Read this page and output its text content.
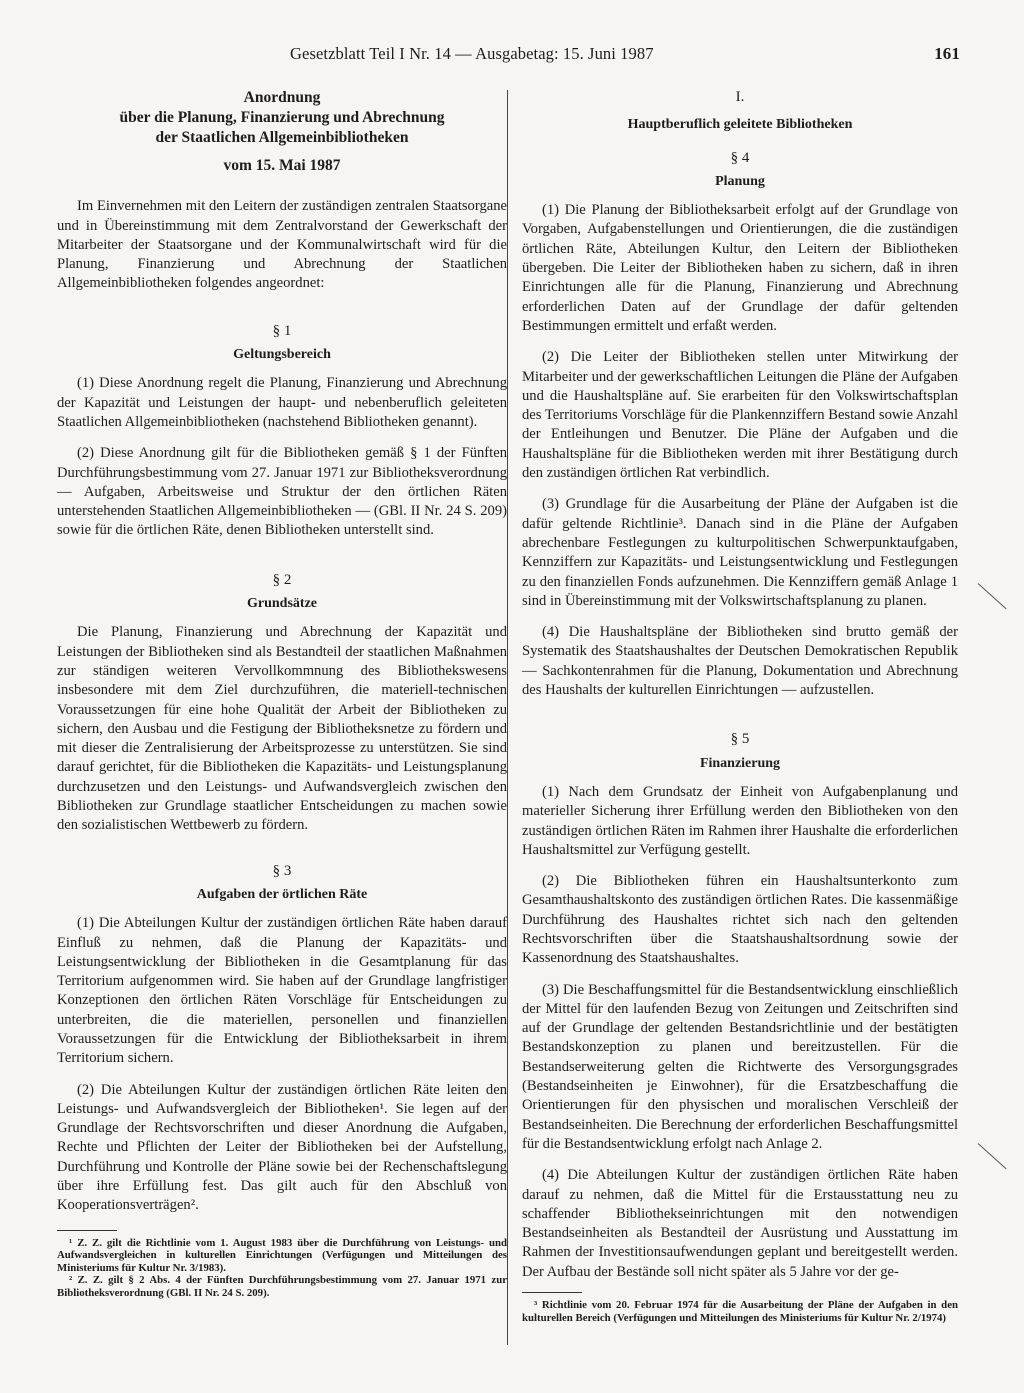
Gesetzblatt Teil I Nr. 14 — Ausgabetag: 15. Juni 1987	161
Anordnung
über die Planung, Finanzierung und Abrechnung
der Staatlichen Allgemeinbibliotheken
vom 15. Mai 1987

Im Einvernehmen mit den Leitern der zuständigen zentralen Staatsorgane und in Übereinstimmung mit dem Zentralvorstand der Gewerkschaft der Mitarbeiter der Staatsorgane und der Kommunalwirtschaft wird für die Planung, Finanzierung und Abrechnung der Staatlichen Allgemeinbibliotheken folgendes angeordnet:

§ 1
Geltungsbereich

(1) Diese Anordnung regelt die Planung, Finanzierung und Abrechnung der Kapazität und Leistungen der haupt- und nebenberuflich geleiteten Staatlichen Allgemeinbibliotheken (nachstehend Bibliotheken genannt).

(2) Diese Anordnung gilt für die Bibliotheken gemäß § 1 der Fünften Durchführungsbestimmung vom 27. Januar 1971 zur Bibliotheksverordnung — Aufgaben, Arbeitsweise und Struktur der den örtlichen Räten unterstehenden Staatlichen Allgemeinbibliotheken — (GBl. II Nr. 24 S. 209) sowie für die örtlichen Räte, denen Bibliotheken unterstellt sind.

§ 2
Grundsätze

Die Planung, Finanzierung und Abrechnung der Kapazität und Leistungen der Bibliotheken sind als Bestandteil der staatlichen Maßnahmen zur ständigen weiteren Vervollkommnung des Bibliothekswesens insbesondere mit dem Ziel durchzuführen, die materiell-technischen Voraussetzungen für eine hohe Qualität der Arbeit der Bibliotheken zu sichern, den Ausbau und die Festigung der Bibliotheksnetze zu fördern und mit dieser die Zentralisierung der Arbeitsprozesse zu unterstützen. Sie sind darauf gerichtet, für die Bibliotheken die Kapazitäts- und Leistungsplanung durchzusetzen und den Leistungs- und Aufwandsvergleich zwischen den Bibliotheken zur Grundlage staatlicher Entscheidungen zu machen sowie den sozialistischen Wettbewerb zu fördern.

§ 3
Aufgaben der örtlichen Räte

(1) Die Abteilungen Kultur der zuständigen örtlichen Räte haben darauf Einfluß zu nehmen, daß die Planung der Kapazitäts- und Leistungsentwicklung der Bibliotheken in die Gesamtplanung für das Territorium aufgenommen wird. Sie haben auf der Grundlage langfristiger Konzeptionen den örtlichen Räten Vorschläge für Entscheidungen zu unterbreiten, die die materiellen, personellen und finanziellen Voraussetzungen für die Entwicklung der Bibliotheksarbeit in ihrem Territorium sichern.

(2) Die Abteilungen Kultur der zuständigen örtlichen Räte leiten den Leistungs- und Aufwandsvergleich der Bibliotheken¹. Sie legen auf der Grundlage der Rechtsvorschriften und dieser Anordnung die Aufgaben, Rechte und Pflichten der Leiter der Bibliotheken bei der Aufstellung, Durchführung und Kontrolle der Pläne sowie bei der Rechenschaftslegung über ihre Erfüllung fest. Das gilt auch für den Abschluß von Kooperationsverträgen².

¹ Z. Z. gilt die Richtlinie vom 1. August 1983 über die Durchführung von Leistungs- und Aufwandsvergleichen in kulturellen Einrichtungen (Verfügungen und Mitteilungen des Ministeriums für Kultur Nr. 3/1983).

² Z. Z. gilt § 2 Abs. 4 der Fünften Durchführungsbestimmung vom 27. Januar 1971 zur Bibliotheksverordnung (GBl. II Nr. 24 S. 209).

I.
Hauptberuflich geleitete Bibliotheken
§ 4
Planung

(1) Die Planung der Bibliotheksarbeit erfolgt auf der Grundlage von Vorgaben, Aufgabenstellungen und Orientierungen, die die zuständigen örtlichen Räte, Abteilungen Kultur, den Leitern der Bibliotheken übergeben. Die Leiter der Bibliotheken haben zu sichern, daß in ihren Einrichtungen alle für die Planung, Finanzierung und Abrechnung erforderlichen Daten auf der Grundlage der dafür geltenden Bestimmungen ermittelt und erfaßt werden.

(2) Die Leiter der Bibliotheken stellen unter Mitwirkung der Mitarbeiter und der gewerkschaftlichen Leitungen die Pläne der Aufgaben und die Haushaltspläne auf. Sie erarbeiten für den Volkswirtschaftsplan des Territoriums Vorschläge für die Plankennziffern Bestand sowie Anzahl der Entleihungen und Benutzer. Die Pläne der Aufgaben und die Haushaltspläne für die Bibliotheken werden mit ihrer Bestätigung durch den zuständigen örtlichen Rat verbindlich.

(3) Grundlage für die Ausarbeitung der Pläne der Aufgaben ist die dafür geltende Richtlinie³. Danach sind in die Pläne der Aufgaben abrechenbare Festlegungen zu kulturpolitischen Schwerpunktaufgaben, Kennziffern zur Kapazitäts- und Leistungsentwicklung und Festlegungen zu den finanziellen Fonds aufzunehmen. Die Kennziffern gemäß Anlage 1 sind in Übereinstimmung mit der Volkswirtschaftsplanung zu planen.

(4) Die Haushaltspläne der Bibliotheken sind brutto gemäß der Systematik des Staatshaushaltes der Deutschen Demokratischen Republik — Sachkontenrahmen für die Planung, Dokumentation und Abrechnung des Haushalts der kulturellen Einrichtungen — aufzustellen.

§ 5
Finanzierung

(1) Nach dem Grundsatz der Einheit von Aufgabenplanung und materieller Sicherung ihrer Erfüllung werden den Bibliotheken von den zuständigen örtlichen Räten im Rahmen ihrer Haushalte die erforderlichen Haushaltsmittel zur Verfügung gestellt.

(2) Die Bibliotheken führen ein Haushaltsunterkonto zum Gesamthaushaltskonto des zuständigen örtlichen Rates. Die kassenmäßige Durchführung des Haushaltes richtet sich nach den geltenden Rechtsvorschriften über die Staatshaushaltsordnung sowie der Kassenordnung des Staatshaushaltes.

(3) Die Beschaffungsmittel für die Bestandsentwicklung einschließlich der Mittel für den laufenden Bezug von Zeitungen und Zeitschriften sind auf der Grundlage der geltenden Bestandsrichtlinie und der bestätigten Bestandskonzeption zu planen und bereitzustellen. Für die Bestandserweiterung gelten die Richtwerte des Versorgungsgrades (Bestandseinheiten je Einwohner), für die Ersatzbeschaffung die Orientierungen für den physischen und moralischen Verschleiß der Bestandseinheiten. Die Berechnung der erforderlichen Beschaffungsmittel für die Bestandsentwicklung erfolgt nach Anlage 2.

(4) Die Abteilungen Kultur der zuständigen örtlichen Räte haben darauf zu nehmen, daß die Mittel für die Erstausstattung neu zu schaffender Bibliothekseinrichtungen mit den notwendigen Bestandseinheiten als Bestandteil der Ausrüstung und Ausstattung im Rahmen der Investitionsaufwendungen geplant und bereitgestellt werden. Der Aufbau der Bestände soll nicht später als 5 Jahre vor der ge-

³ Richtlinie vom 20. Februar 1974 für die Ausarbeitung der Pläne der Aufgaben in den kulturellen Bereich (Verfügungen und Mitteilungen des Ministeriums für Kultur Nr. 2/1974)
